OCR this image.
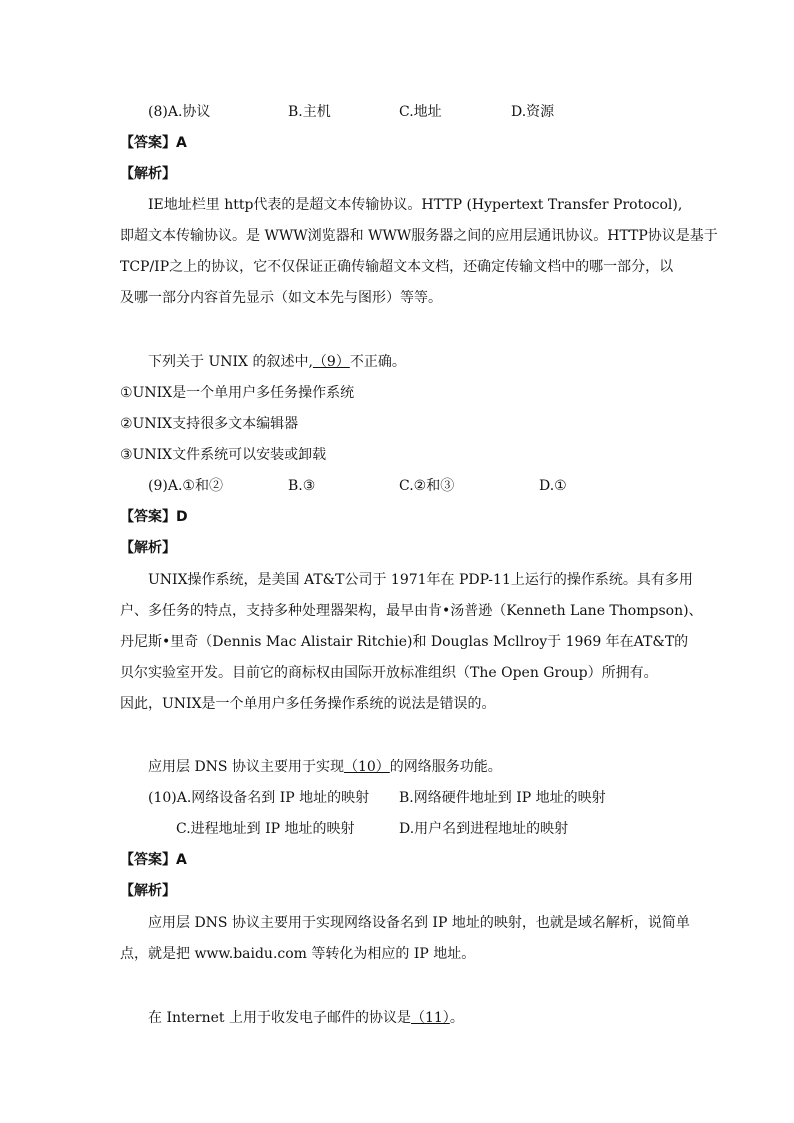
(8)A.协议	B.主机	C.地址	D.资源
【答案】A
【解析】
IE地址栏里 http代表的是超文本传输协议。HTTP (Hypertext Transfer Protocol),
即超文本传输协议。是 WWW浏览器和 WWW服务器之间的应用层通讯协议。HTTP协议是基于
TCP/IP之上的协议，它不仅保证正确传输超文本文档，还确定传输文档中的哪一部分，以
及哪一部分内容首先显示（如文本先与图形）等等。
下列关于 UNIX 的叙述中,（9）不正确。
①UNIX是一个单用户多任务操作系统
②UNIX支持很多文本编辑器
③UNIX文件系统可以安装或卸载
(9)A.①和②	B.③	C.②和③	D.①
【答案】D
【解析】
UNIX操作系统，是美国 AT&T公司于 1971年在 PDP-11上运行的操作系统。具有多用
户、多任务的特点，支持多种处理器架构，最早由肯•汤普逊（Kenneth Lane Thompson)、
丹尼斯•里奇（Dennis Mac Alistair Ritchie)和 Douglas Mcllroy于 1969 年在AT&T的
贝尔实验室开发。目前它的商标权由国际开放标准组织（The Open Group）所拥有。
因此，UNIX是一个单用户多任务操作系统的说法是错误的。
应用层 DNS 协议主要用于实现（10）的网络服务功能。
(10)A.网络设备名到 IP 地址的映射 B.网络硬件地址到 IP 地址的映射
C.进程地址到 IP 地址的映射	D.用户名到进程地址的映射
【答案】A
【解析】
应用层 DNS 协议主要用于实现网络设备名到 IP 地址的映射，也就是域名解析，说简单
点，就是把 www.baidu.com 等转化为相应的 IP 地址。
在 Internet 上用于收发电子邮件的协议是（11）。
